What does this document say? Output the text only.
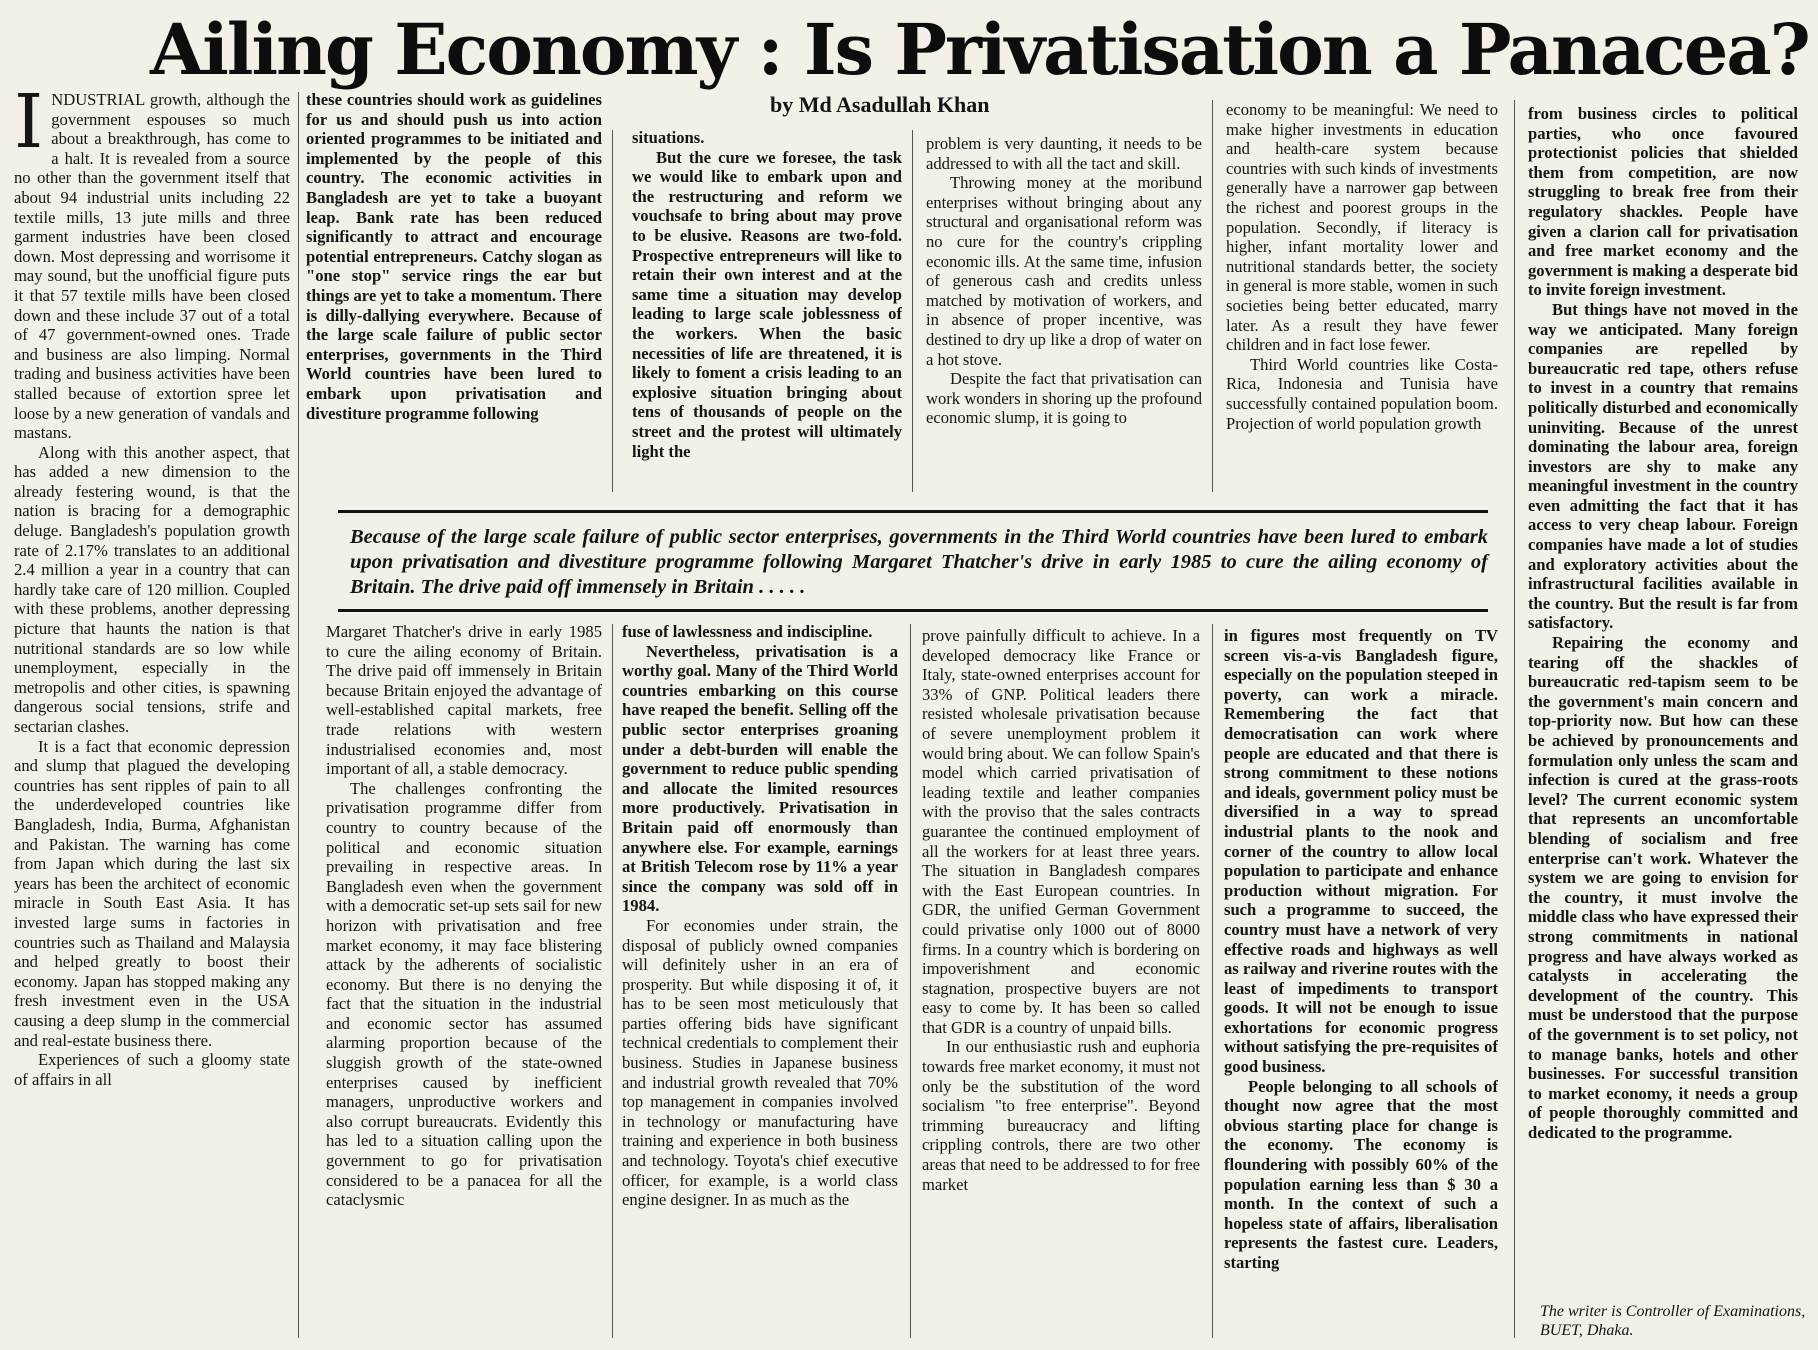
Ailing Economy : Is Privatisation a Panacea?
by Md Asadullah Khan

INDUSTRIAL growth, although the government espouses so much about a breakthrough, has come to a halt. It is revealed from a source no other than the government itself that about 94 industrial units including 22 textile mills, 13 jute mills and three garment industries have been closed down. Most depressing and worrisome it may sound, but the unofficial figure puts it that 57 textile mills have been closed down and these include 37 out of a total of 47 government-owned ones. Trade and business are also limping. Normal trading and business activities have been stalled because of extortion spree let loose by a new generation of vandals and mastans.

Along with this another aspect, that has added a new dimension to the already festering wound, is that the nation is bracing for a demographic deluge. Bangladesh's population growth rate of 2.17% translates to an additional 2.4 million a year in a country that can hardly take care of 120 million. Coupled with these problems, another depressing picture that haunts the nation is that nutritional standards are so low while unemployment, especially in the metropolis and other cities, is spawning dangerous social tensions, strife and sectarian clashes.

It is a fact that economic depression and slump that plagued the developing countries has sent ripples of pain to all the underdeveloped countries like Bangladesh, India, Burma, Afghanistan and Pakistan. The warning has come from Japan which during the last six years has been the architect of economic miracle in South East Asia. It has invested large sums in factories in countries such as Thailand and Malaysia and helped greatly to boost their economy. Japan has stopped making any fresh investment even in the USA causing a deep slump in the commercial and real-estate business there.

Experiences of such a gloomy state of affairs in all

these countries should work as guidelines for us and should push us into action oriented programmes to be initiated and implemented by the people of this country. The economic activities in Bangladesh are yet to take a buoyant leap. Bank rate has been reduced significantly to attract and encourage potential entrepreneurs. Catchy slogan as "one stop" service rings the ear but things are yet to take a momentum. There is dilly-dallying everywhere. Because of the large scale failure of public sector enterprises, governments in the Third World countries have been lured to embark upon privatisation and divestiture programme following

situations.

But the cure we foresee, the task we would like to embark upon and the restructuring and reform we vouchsafe to bring about may prove to be elusive. Reasons are two-fold. Prospective entrepreneurs will like to retain their own interest and at the same time a situation may develop leading to large scale joblessness of the workers. When the basic necessities of life are threatened, it is likely to foment a crisis leading to an explosive situation bringing about tens of thousands of people on the street and the protest will ultimately light the

problem is very daunting, it needs to be addressed to with all the tact and skill.

Throwing money at the moribund enterprises without bringing about any structural and organisational reform was no cure for the country's crippling economic ills. At the same time, infusion of generous cash and credits unless matched by motivation of workers, and in absence of proper incentive, was destined to dry up like a drop of water on a hot stove.

Despite the fact that privatisation can work wonders in shoring up the profound economic slump, it is going to

economy to be meaningful: We need to make higher investments in education and health-care system because countries with such kinds of investments generally have a narrower gap between the richest and poorest groups in the population. Secondly, if literacy is higher, infant mortality lower and nutritional standards better, the society in general is more stable, women in such societies being better educated, marry later. As a result they have fewer children and in fact lose fewer.

Third World countries like Costa-Rica, Indonesia and Tunisia have successfully contained population boom. Projection of world population growth

from business circles to political parties, who once favoured protectionist policies that shielded them from competition, are now struggling to break free from their regulatory shackles. People have given a clarion call for privatisation and free market economy and the government is making a desperate bid to invite foreign investment.

But things have not moved in the way we anticipated. Many foreign companies are repelled by bureaucratic red tape, others refuse to invest in a country that remains politically disturbed and economically uninviting. Because of the unrest dominating the labour area, foreign investors are shy to make any meaningful investment in the country even admitting the fact that it has access to very cheap labour. Foreign companies have made a lot of studies and exploratory activities about the infrastructural facilities available in the country. But the result is far from satisfactory.

Repairing the economy and tearing off the shackles of bureaucratic red-tapism seem to be the government's main concern and top-priority now. But how can these be achieved by pronouncements and formulation only unless the scam and infection is cured at the grass-roots level? The current economic system that represents an uncomfortable blending of socialism and free enterprise can't work. Whatever the system we are going to envision for the country, it must involve the middle class who have expressed their strong commitments in national progress and have always worked as catalysts in accelerating the development of the country. This must be understood that the purpose of the government is to set policy, not to manage banks, hotels and other businesses. For successful transition to market economy, it needs a group of people thoroughly committed and dedicated to the programme.

Because of the large scale failure of public sector enterprises, governments in the Third World countries have been lured to embark upon privatisation and divestiture programme following Margaret Thatcher's drive in early 1985 to cure the ailing economy of Britain. The drive paid off immensely in Britain . . . . .

Margaret Thatcher's drive in early 1985 to cure the ailing economy of Britain. The drive paid off immensely in Britain because Britain enjoyed the advantage of well-established capital markets, free trade relations with western industrialised economies and, most important of all, a stable democracy.

The challenges confronting the privatisation programme differ from country to country because of the political and economic situation prevailing in respective areas. In Bangladesh even when the government with a democratic set-up sets sail for new horizon with privatisation and free market economy, it may face blistering attack by the adherents of socialistic economy. But there is no denying the fact that the situation in the industrial and economic sector has assumed alarming proportion because of the sluggish growth of the state-owned enterprises caused by inefficient managers, unproductive workers and also corrupt bureaucrats. Evidently this has led to a situation calling upon the government to go for privatisation considered to be a panacea for all the cataclysmic

fuse of lawlessness and indiscipline.

Nevertheless, privatisation is a worthy goal. Many of the Third World countries embarking on this course have reaped the benefit. Selling off the public sector enterprises groaning under a debt-burden will enable the government to reduce public spending and allocate the limited resources more productively. Privatisation in Britain paid off enormously than anywhere else. For example, earnings at British Telecom rose by 11% a year since the company was sold off in 1984.

For economies under strain, the disposal of publicly owned companies will definitely usher in an era of prosperity. But while disposing it of, it has to be seen most meticulously that parties offering bids have significant technical credentials to complement their business. Studies in Japanese business and industrial growth revealed that 70% top management in companies involved in technology or manufacturing have training and experience in both business and technology. Toyota's chief executive officer, for example, is a world class engine designer. In as much as the

prove painfully difficult to achieve. In a developed democracy like France or Italy, state-owned enterprises account for 33% of GNP. Political leaders there resisted wholesale privatisation because of severe unemployment problem it would bring about. We can follow Spain's model which carried privatisation of leading textile and leather companies with the proviso that the sales contracts guarantee the continued employment of all the workers for at least three years. The situation in Bangladesh compares with the East European countries. In GDR, the unified German Government could privatise only 1000 out of 8000 firms. In a country which is bordering on impoverishment and economic stagnation, prospective buyers are not easy to come by. It has been so called that GDR is a country of unpaid bills.

In our enthusiastic rush and euphoria towards free market economy, it must not only be the substitution of the word socialism "to free enterprise". Beyond trimming bureaucracy and lifting crippling controls, there are two other areas that need to be addressed to for free market

in figures most frequently on TV screen vis-a-vis Bangladesh figure, especially on the population steeped in poverty, can work a miracle. Remembering the fact that democratisation can work where people are educated and that there is strong commitment to these notions and ideals, government policy must be diversified in a way to spread industrial plants to the nook and corner of the country to allow local population to participate and enhance production without migration. For such a programme to succeed, the country must have a network of very effective roads and highways as well as railway and riverine routes with the least of impediments to transport goods. It will not be enough to issue exhortations for economic progress without satisfying the pre-requisites of good business.

People belonging to all schools of thought now agree that the most obvious starting place for change is the economy. The economy is floundering with possibly 60% of the population earning less than $ 30 a month. In the context of such a hopeless state of affairs, liberalisation represents the fastest cure. Leaders, starting

The writer is Controller of Examinations, BUET, Dhaka.
